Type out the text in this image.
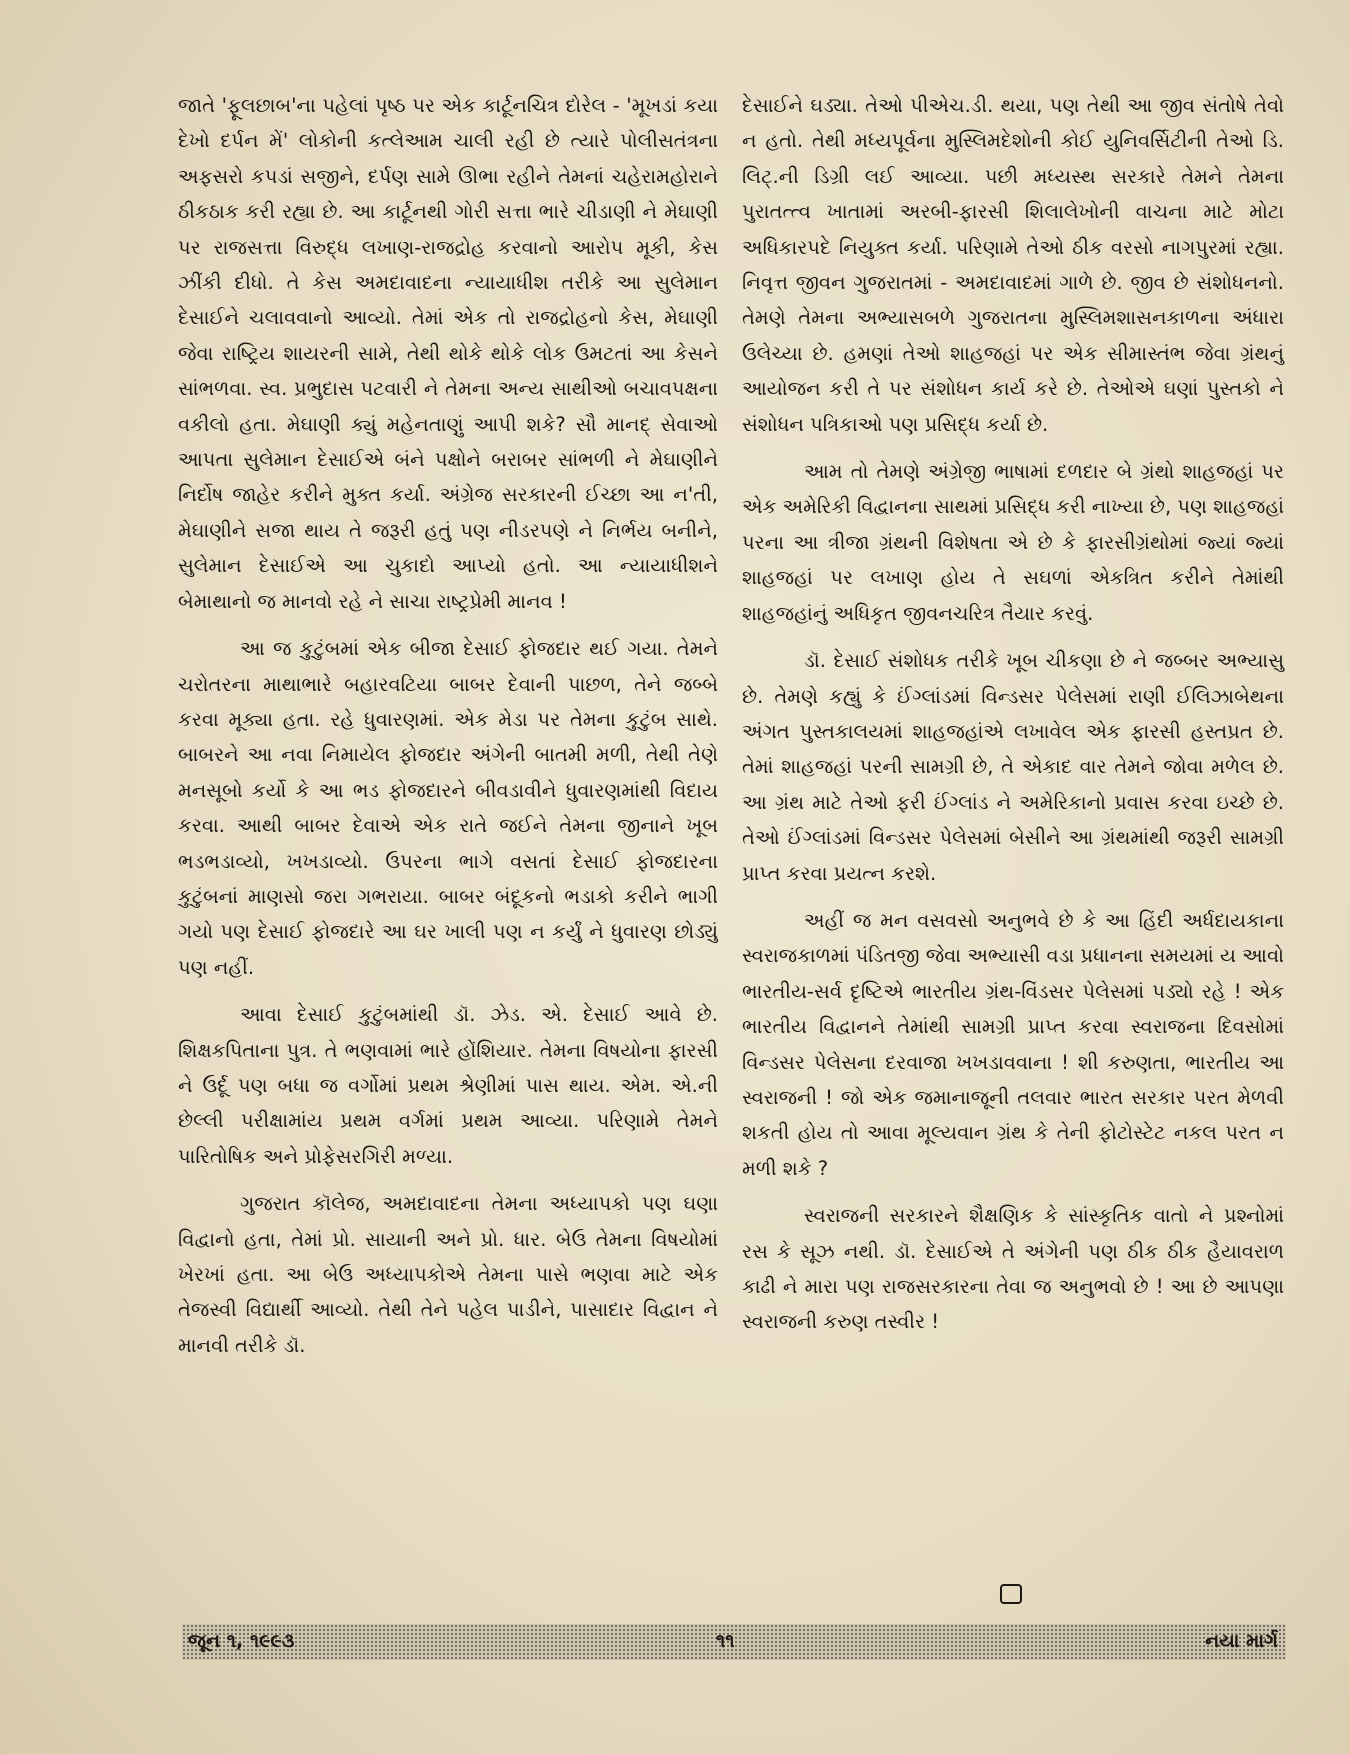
જાતે 'ફૂલછાબ'ના પહેલાં પૃષ્ઠ પર એક કાર્ટૂનચિત્ર દોરેલ - 'મૂખડાં કયા દેખો દર્પન મેં' લોકોની કત્લેઆમ ચાલી રહી છે ત્યારે પોલીસતંત્રના અફસરો કપડાં સજીને, દર્પણ સામે ઊભા રહીને તેમનાં ચહેરામહોરાને ઠીકઠાક કરી રહ્યા છે. આ કાર્ટૂનથી ગોરી સત્તા ભારે ચીડાણી ને મેઘાણી પર રાજસત્તા વિરુદ્ધ લખાણ-રાજદ્રોહ કરવાનો આરોપ મૂકી, કેસ ઝીંકી દીધો. તે કેસ અમદાવાદના ન્યાયાધીશ તરીકે આ સુલેમાન દેસાઈને ચલાવવાનો આવ્યો. તેમાં એક તો રાજદ્રોહનો કેસ, મેઘાણી જેવા રાષ્ટ્રિય શાયરની સામે, તેથી થોકે થોકે લોક ઉમટતાં આ કેસને સાંભળવા. સ્વ. પ્રભુદાસ પટવારી ને તેમના અન્ય સાથીઓ બચાવપક્ષના વકીલો હતા. મેઘાણી ક્યું મહેનતાણું આપી શકે? સૌ માનદ્ સેવાઓ આપતા સુલેમાન દેસાઈએ બંને પક્ષોને બરાબર સાંભળી ને મેઘાણીને નિર્દોષ જાહેર કરીને મુક્ત કર્યા. અંગ્રેજ સરકારની ઈચ્છા આ ન'તી, મેઘાણીને સજા થાય તે જરૂરી હતું પણ નીડરપણે ને નિર્ભય બનીને, સુલેમાન દેસાઈએ આ ચુકાદો આપ્યો હતો. આ ન્યાયાધીશને બેમાથાનો જ માનવો રહે ને સાચા રાષ્ટ્રપ્રેમી માનવ !

આ જ કુટુંબમાં એક બીજા દેસાઈ ફોજદાર થઈ ગયા. તેમને ચરોતરના માથાભારે બહારવટિયા બાબર દેવાની પાછળ, તેને જબ્બે કરવા મૂક્યા હતા. રહે ધુવારણમાં. એક મેડા પર તેમના કુટુંબ સાથે. બાબરને આ નવા નિમાયેલ ફોજદાર અંગેની બાતમી મળી, તેથી તેણે મનસૂબો કર્યો કે આ ભડ ફોજદારને બીવડાવીને ધુવારણમાંથી વિદાય કરવા. આથી બાબર દેવાએ એક રાતે જઈને તેમના જીનાને ખૂબ ભડભડાવ્યો, ખખડાવ્યો. ઉપરના ભાગે વસતાં દેસાઈ ફોજદારના કુટુંબનાં માણસો જરા ગભરાયા. બાબર બંદૂકનો ભડાકો કરીને ભાગી ગયો પણ દેસાઈ ફોજદારે આ ઘર ખાલી પણ ન કર્યું ને ધુવારણ છોડ્યું પણ નહીં.

આવા દેસાઈ કુટુંબમાંથી ડૉ. ઝેડ. એ. દેસાઈ આવે છે. શિક્ષકપિતાના પુત્ર. તે ભણવામાં ભારે હોંશિયાર. તેમના વિષયોના ફારસી ને ઉર્દૂ પણ બધા જ વર્ગોમાં પ્રથમ શ્રેણીમાં પાસ થાય. એમ. એ.ની છેલ્લી પરીક્ષામાંય પ્રથમ વર્ગમાં પ્રથમ આવ્યા. પરિણામે તેમને પારિતોષિક અને પ્રોફેસરગિરી મળ્યા.

ગુજરાત કૉલેજ, અમદાવાદના તેમના અધ્યાપકો પણ ઘણા વિદ્વાનો હતા, તેમાં પ્રો. સાયાની અને પ્રો. ધાર. બેઉ તેમના વિષયોમાં ખેરખાં હતા. આ બેઉ અધ્યાપકોએ તેમના પાસે ભણવા માટે એક તેજસ્વી વિદ્યાર્થી આવ્યો. તેથી તેને પહેલ પાડીને, પાસાદાર વિદ્વાન ને માનવી તરીકે ડૉ.

દેસાઈને ઘડ્યા. તેઓ પીએચ.ડી. થયા, પણ તેથી આ જીવ સંતોષે તેવો ન હતો. તેથી મધ્યપૂર્વના મુસ્લિમદેશોની કોઈ યુનિવર્સિટીની તેઓ ડિ. લિટ્.ની ડિગ્રી લઈ આવ્યા. પછી મધ્યસ્થ સરકારે તેમને તેમના પુરાતત્ત્વ ખાતામાં અરબી-ફારસી શિલાલેખોની વાચના માટે મોટા અધિકારપદે નિયુક્ત કર્યા. પરિણામે તેઓ ઠીક વરસો નાગપુરમાં રહ્યા. નિવૃત્ત જીવન ગુજરાતમાં - અમદાવાદમાં ગાળે છે. જીવ છે સંશોધનનો. તેમણે તેમના અભ્યાસબળે ગુજરાતના મુસ્લિમશાસનકાળના અંધારા ઉલેચ્યા છે. હમણાં તેઓ શાહજહાં પર એક સીમાસ્તંભ જેવા ગ્રંથનું આયોજન કરી તે પર સંશોધન કાર્ય કરે છે. તેઓએ ઘણાં પુસ્તકો ને સંશોધન પત્રિકાઓ પણ પ્રસિદ્ધ કર્યા છે.

આમ તો તેમણે અંગ્રેજી ભાષામાં દળદાર બે ગ્રંથો શાહજહાં પર એક અમેરિકી વિદ્વાનના સાથમાં પ્રસિદ્ધ કરી નાખ્યા છે, પણ શાહજહાં પરના આ ત્રીજા ગ્રંથની વિશેષતા એ છે કે ફારસીગ્રંથોમાં જ્યાં જ્યાં શાહજહાં પર લખાણ હોય તે સઘળાં એકત્રિત કરીને તેમાંથી શાહજહાંનું અધિકૃત જીવનચરિત્ર તૈયાર કરવું.

ડૉ. દેસાઈ સંશોધક તરીકે ખૂબ ચીકણા છે ને જબ્બર અભ્યાસુ છે. તેમણે કહ્યું કે ઈંગ્લાંડમાં વિન્ડસર પેલેસમાં રાણી ઈલિઝાબેથના અંગત પુસ્તકાલયમાં શાહજહાંએ લખાવેલ એક ફારસી હસ્તપ્રત છે. તેમાં શાહજહાં પરની સામગ્રી છે, તે એકાદ વાર તેમને જોવા મળેલ છે. આ ગ્રંથ માટે તેઓ ફરી ઈંગ્લાંડ ને અમેરિકાનો પ્રવાસ કરવા ઇચ્છે છે. તેઓ ઈંગ્લાંડમાં વિન્ડસર પેલેસમાં બેસીને આ ગ્રંથમાંથી જરૂરી સામગ્રી પ્રાપ્ત કરવા પ્રયત્ન કરશે.

અહીં જ મન વસવસો અનુભવે છે કે આ હિંદી અર્ધદાયકાના સ્વરાજકાળમાં પંડિતજી જેવા અભ્યાસી વડા પ્રધાનના સમયમાં ય આવો ભારતીય-સર્વ દૃષ્ટિએ ભારતીય ગ્રંથ-વિંડસર પેલેસમાં પડ્યો રહે ! એક ભારતીય વિદ્વાનને તેમાંથી સામગ્રી પ્રાપ્ત કરવા સ્વરાજના દિવસોમાં વિન્ડસર પેલેસના દરવાજા ખખડાવવાના ! શી કરુણતા, ભારતીય આ સ્વરાજની ! જો એક જમાનાજૂની તલવાર ભારત સરકાર પરત મેળવી શકતી હોય તો આવા મૂલ્યવાન ગ્રંથ કે તેની ફોટોસ્ટેટ નકલ પરત ન મળી શકે ?

સ્વરાજની સરકારને શૈક્ષણિક કે સાંસ્કૃતિક વાતો ને પ્રશ્નોમાં રસ કે સૂઝ નથી. ડૉ. દેસાઈએ તે અંગેની પણ ઠીક ઠીક હૈયાવરાળ કાઢી ને મારા પણ રાજસરકારના તેવા જ અનુભવો છે ! આ છે આપણા સ્વરાજની કરુણ તસ્વીર !

જૂન ૧, ૧૯૯૩	૧૧	નયા માર્ગ
